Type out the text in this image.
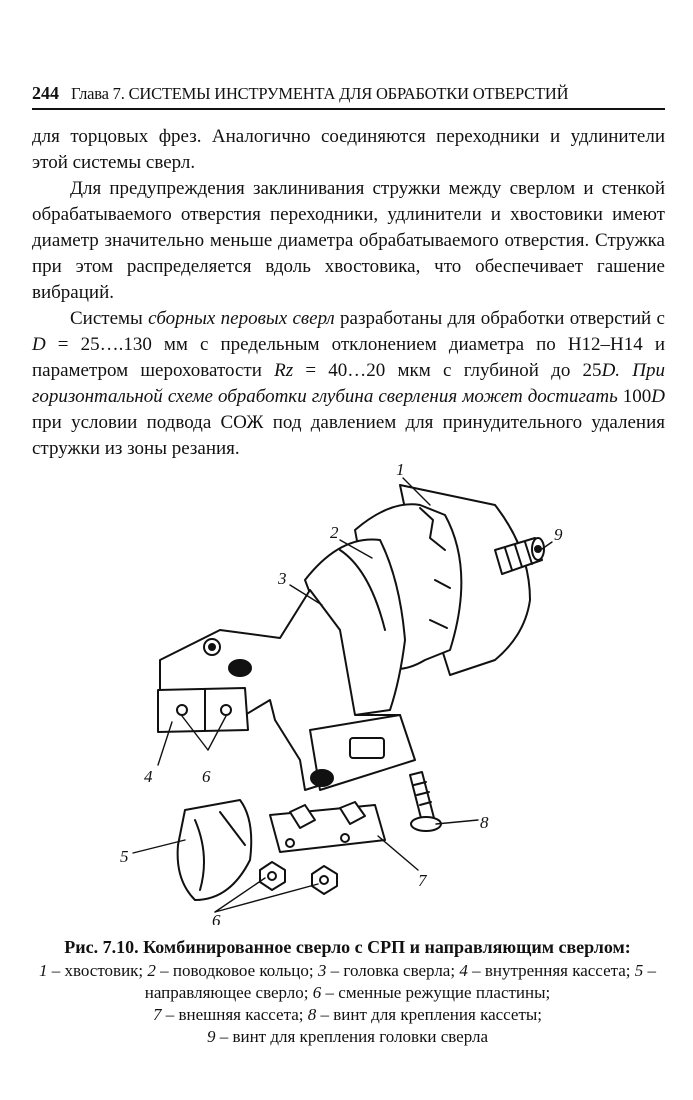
244 Глава 7. СИСТЕМЫ ИНСТРУМЕНТА ДЛЯ ОБРАБОТКИ ОТВЕРСТИЙ

для торцовых фрез. Аналогично соединяются переходники и удлинители этой системы сверл.

Для предупреждения заклинивания стружки между сверлом и стенкой обрабатываемого отверстия переходники, удлинители и хвостовики имеют диаметр значительно меньше диаметра обрабатываемого отверстия. Стружка при этом распределяется вдоль хвостовика, что обеспечивает гашение вибраций.

Системы сборных перовых сверл разработаны для обработки отверстий с D = 25….130 мм с предельным отклонением диаметра по H12–H14 и параметром шероховатости Rz = 40…20 мкм с глубиной до 25D. При горизонтальной схеме обработки глубина сверления может достигать 100D при условии подвода СОЖ под давлением для принудительного удаления стружки из зоны резания.

1
2
3
4	6
5
6
7
8
9
Рис. 7.10. Комбинированное сверло с СРП и направляющим сверлом:
1 – хвостовик; 2 – поводковое кольцо; 3 – головка сверла; 4 – внутренняя кассета; 5 – направляющее сверло; 6 – сменные режущие пластины;
7 – внешняя кассета; 8 – винт для крепления кассеты;
9 – винт для крепления головки сверла
